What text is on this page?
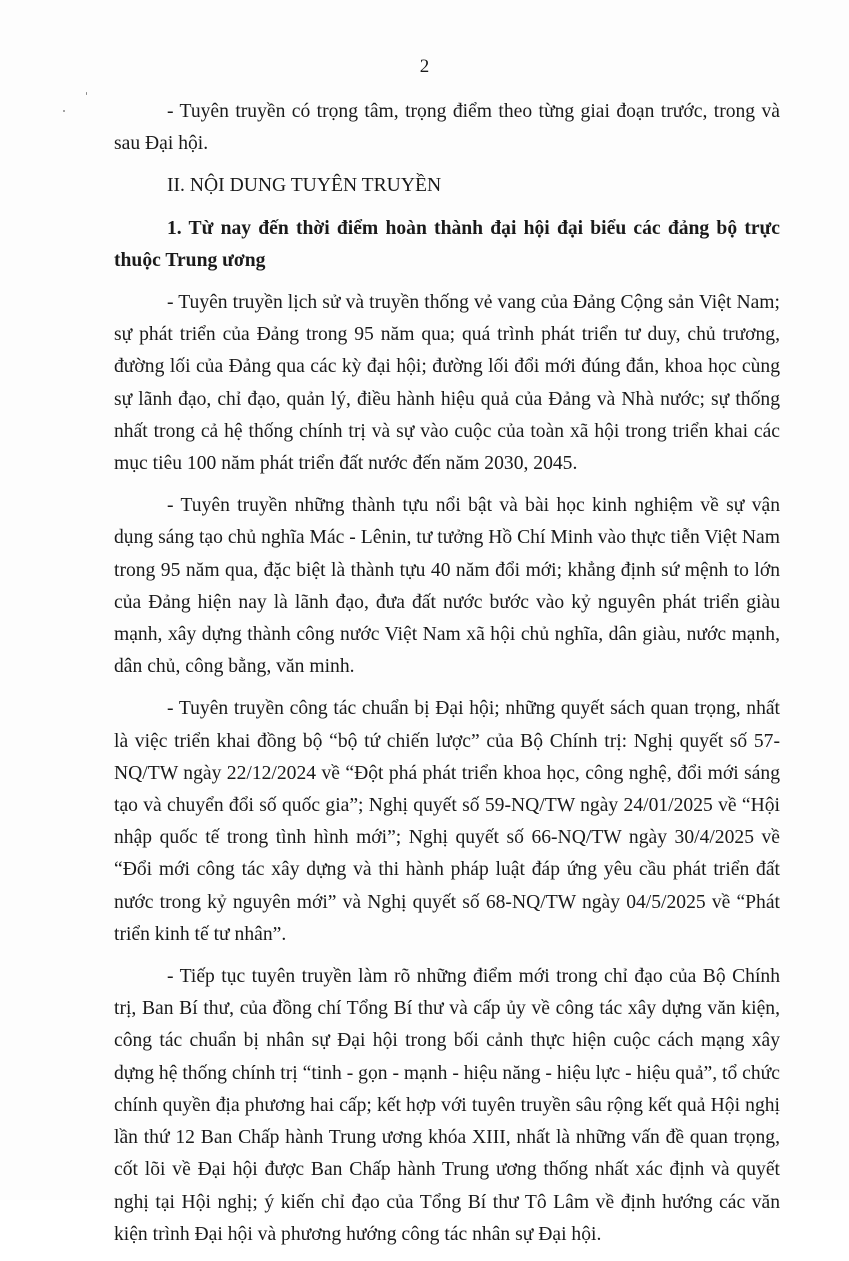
2

- Tuyên truyền có trọng tâm, trọng điểm theo từng giai đoạn trước, trong và sau Đại hội.

II. NỘI DUNG TUYÊN TRUYỀN

1. Từ nay đến thời điểm hoàn thành đại hội đại biểu các đảng bộ trực thuộc Trung ương

- Tuyên truyền lịch sử và truyền thống vẻ vang của Đảng Cộng sản Việt Nam; sự phát triển của Đảng trong 95 năm qua; quá trình phát triển tư duy, chủ trương, đường lối của Đảng qua các kỳ đại hội; đường lối đổi mới đúng đắn, khoa học cùng sự lãnh đạo, chỉ đạo, quản lý, điều hành hiệu quả của Đảng và Nhà nước; sự thống nhất trong cả hệ thống chính trị và sự vào cuộc của toàn xã hội trong triển khai các mục tiêu 100 năm phát triển đất nước đến năm 2030, 2045.

- Tuyên truyền những thành tựu nổi bật và bài học kinh nghiệm về sự vận dụng sáng tạo chủ nghĩa Mác - Lênin, tư tưởng Hồ Chí Minh vào thực tiễn Việt Nam trong 95 năm qua, đặc biệt là thành tựu 40 năm đổi mới; khẳng định sứ mệnh to lớn của Đảng hiện nay là lãnh đạo, đưa đất nước bước vào kỷ nguyên phát triển giàu mạnh, xây dựng thành công nước Việt Nam xã hội chủ nghĩa, dân giàu, nước mạnh, dân chủ, công bằng, văn minh.

- Tuyên truyền công tác chuẩn bị Đại hội; những quyết sách quan trọng, nhất là việc triển khai đồng bộ “bộ tứ chiến lược” của Bộ Chính trị: Nghị quyết số 57-NQ/TW ngày 22/12/2024 về “Đột phá phát triển khoa học, công nghệ, đổi mới sáng tạo và chuyển đổi số quốc gia”; Nghị quyết số 59-NQ/TW ngày 24/01/2025 về “Hội nhập quốc tế trong tình hình mới”; Nghị quyết số 66-NQ/TW ngày 30/4/2025 về “Đổi mới công tác xây dựng và thi hành pháp luật đáp ứng yêu cầu phát triển đất nước trong kỷ nguyên mới” và Nghị quyết số 68-NQ/TW ngày 04/5/2025 về “Phát triển kinh tế tư nhân”.

- Tiếp tục tuyên truyền làm rõ những điểm mới trong chỉ đạo của Bộ Chính trị, Ban Bí thư, của đồng chí Tổng Bí thư và cấp ủy về công tác xây dựng văn kiện, công tác chuẩn bị nhân sự Đại hội trong bối cảnh thực hiện cuộc cách mạng xây dựng hệ thống chính trị “tinh - gọn - mạnh - hiệu năng - hiệu lực - hiệu quả”, tổ chức chính quyền địa phương hai cấp; kết hợp với tuyên truyền sâu rộng kết quả Hội nghị lần thứ 12 Ban Chấp hành Trung ương khóa XIII, nhất là những vấn đề quan trọng, cốt lõi về Đại hội được Ban Chấp hành Trung ương thống nhất xác định và quyết nghị tại Hội nghị; ý kiến chỉ đạo của Tổng Bí thư Tô Lâm về định hướng các văn kiện trình Đại hội và phương hướng công tác nhân sự Đại hội.
